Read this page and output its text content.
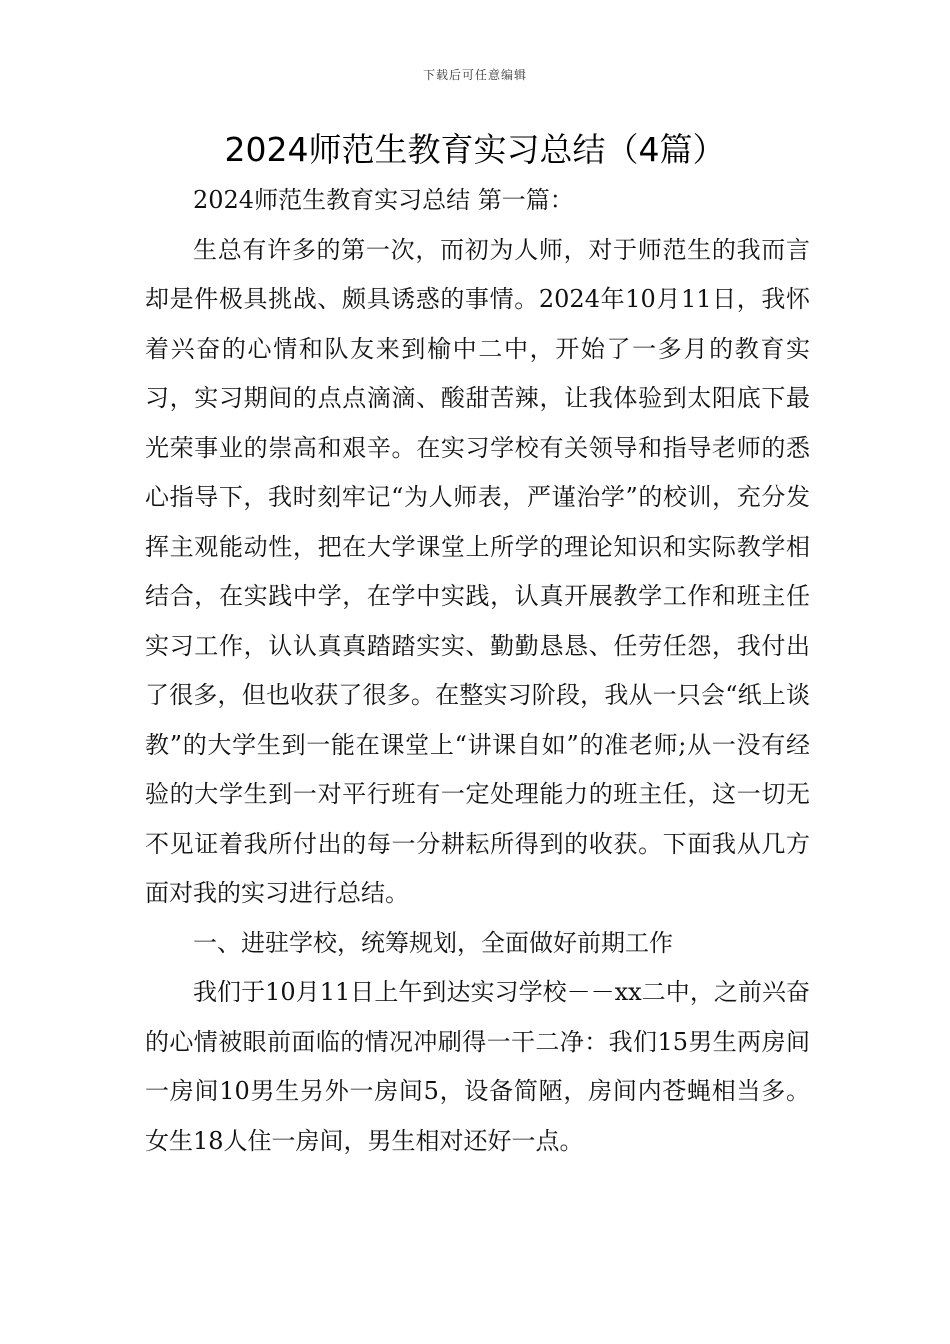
下载后可任意编辑
2024师范生教育实习总结（4篇）

2024师范生教育实习总结 第一篇：

生总有许多的第一次，而初为人师，对于师范生的我而言却是件极具挑战、颇具诱惑的事情。2024年10月11日，我怀着兴奋的心情和队友来到榆中二中，开始了一多月的教育实习，实习期间的点点滴滴、酸甜苦辣，让我体验到太阳底下最光荣事业的崇高和艰辛。在实习学校有关领导和指导老师的悉心指导下，我时刻牢记“为人师表，严谨治学”的校训，充分发挥主观能动性，把在大学课堂上所学的理论知识和实际教学相结合，在实践中学，在学中实践，认真开展教学工作和班主任实习工作，认认真真踏踏实实、勤勤恳恳、任劳任怨，我付出了很多，但也收获了很多。在整实习阶段，我从一只会“纸上谈教”的大学生到一能在课堂上“讲课自如”的准老师;从一没有经验的大学生到一对平行班有一定处理能力的班主任，这一切无不见证着我所付出的每一分耕耘所得到的收获。下面我从几方面对我的实习进行总结。

一、进驻学校，统筹规划，全面做好前期工作

我们于10月11日上午到达实习学校－－xx二中，之前兴奋的心情被眼前面临的情况冲刷得一干二净：我们15男生两房间一房间10男生另外一房间5，设备简陋，房间内苍蝇相当多。女生18人住一房间，男生相对还好一点。
